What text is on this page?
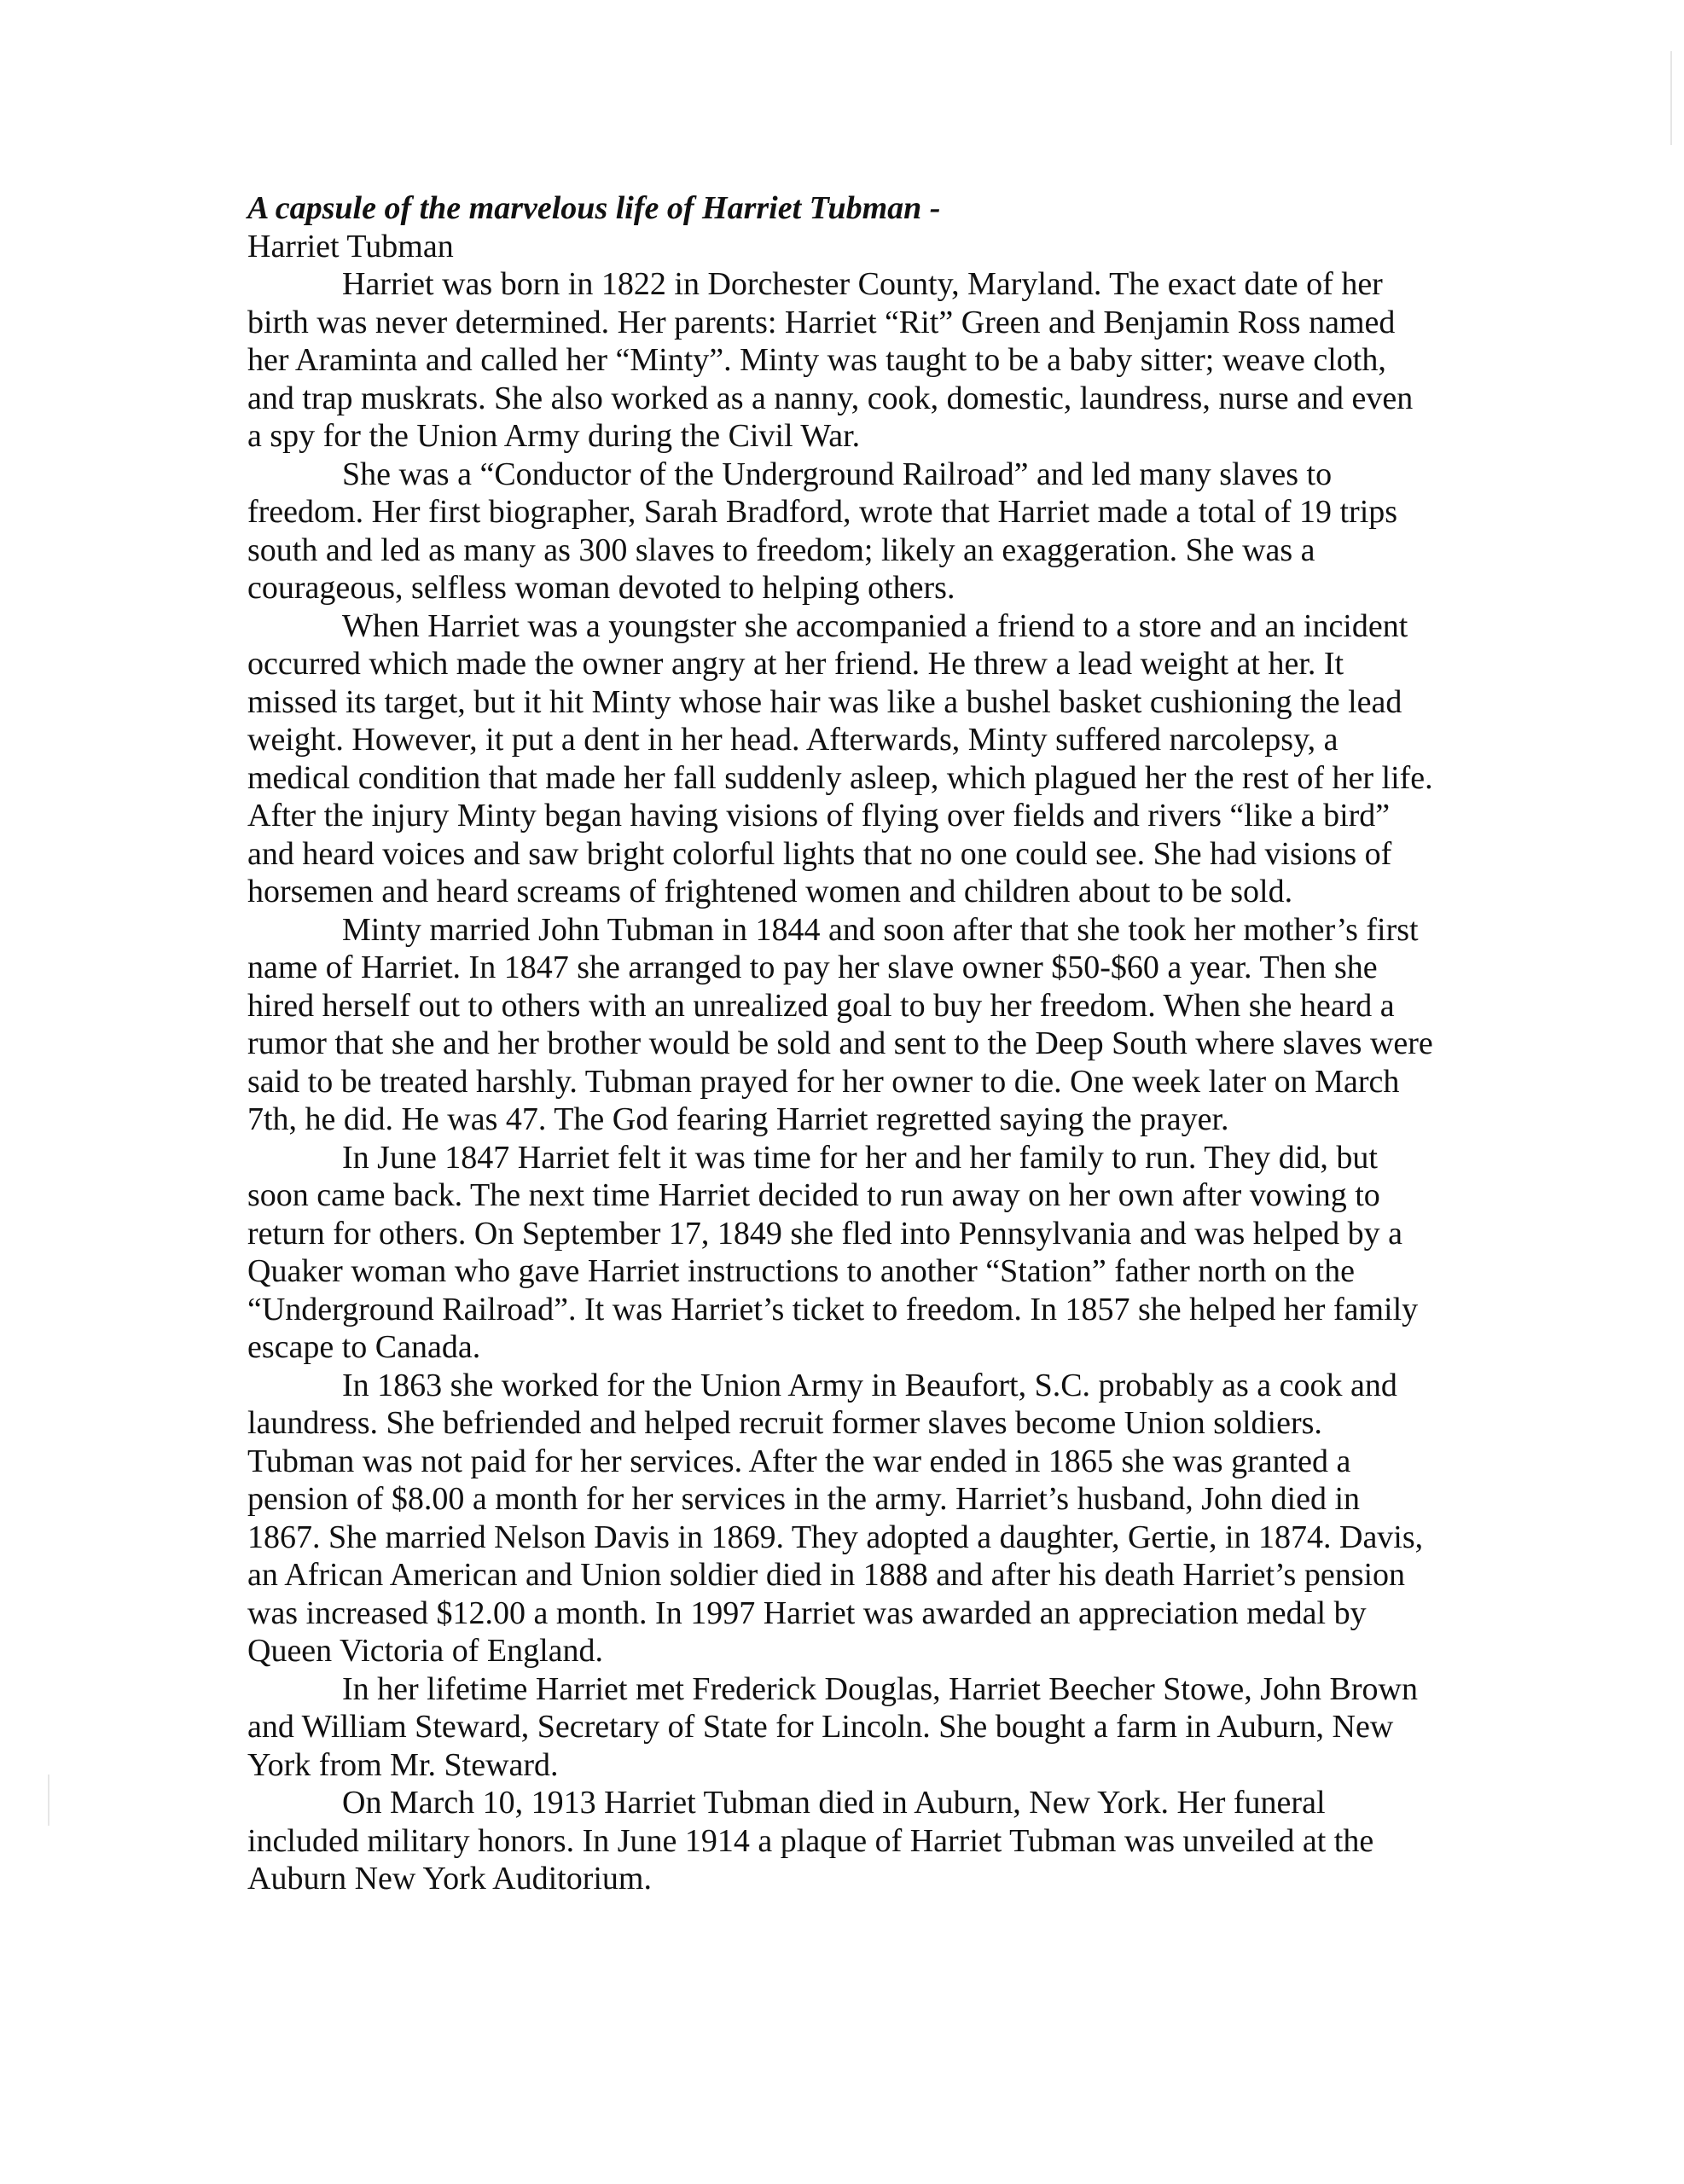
A capsule of the marvelous life of Harriet Tubman -

Harriet Tubman

Harriet was born in 1822 in Dorchester County, Maryland. The exact date of her birth was never determined. Her parents: Harriet “Rit” Green and Benjamin Ross named her Araminta and called her “Minty”. Minty was taught to be a baby sitter; weave cloth, and trap muskrats. She also worked as a nanny, cook, domestic, laundress, nurse and even a spy for the Union Army during the Civil War.

She was a “Conductor of the Underground Railroad” and led many slaves to freedom. Her first biographer, Sarah Bradford, wrote that Harriet made a total of 19 trips south and led as many as 300 slaves to freedom; likely an exaggeration. She was a courageous, selfless woman devoted to helping others.

When Harriet was a youngster she accompanied a friend to a store and an incident occurred which made the owner angry at her friend. He threw a lead weight at her. It missed its target, but it hit Minty whose hair was like a bushel basket cushioning the lead weight. However, it put a dent in her head. Afterwards, Minty suffered narcolepsy, a medical condition that made her fall suddenly asleep, which plagued her the rest of her life. After the injury Minty began having visions of flying over fields and rivers “like a bird” and heard voices and saw bright colorful lights that no one could see. She had visions of horsemen and heard screams of frightened women and children about to be sold.

Minty married John Tubman in 1844 and soon after that she took her mother’s first name of Harriet. In 1847 she arranged to pay her slave owner $50-$60 a year. Then she hired herself out to others with an unrealized goal to buy her freedom. When she heard a rumor that she and her brother would be sold and sent to the Deep South where slaves were said to be treated harshly. Tubman prayed for her owner to die. One week later on March 7th, he did. He was 47. The God fearing Harriet regretted saying the prayer.

In June 1847 Harriet felt it was time for her and her family to run. They did, but soon came back. The next time Harriet decided to run away on her own after vowing to return for others. On September 17, 1849 she fled into Pennsylvania and was helped by a Quaker woman who gave Harriet instructions to another “Station” father north on the “Underground Railroad”. It was Harriet’s ticket to freedom. In 1857 she helped her family escape to Canada.

In 1863 she worked for the Union Army in Beaufort, S.C. probably as a cook and laundress. She befriended and helped recruit former slaves become Union soldiers. Tubman was not paid for her services. After the war ended in 1865 she was granted a pension of $8.00 a month for her services in the army. Harriet’s husband, John died in 1867. She married Nelson Davis in 1869. They adopted a daughter, Gertie, in 1874. Davis, an African American and Union soldier died in 1888 and after his death Harriet’s pension was increased $12.00 a month. In 1997 Harriet was awarded an appreciation medal by Queen Victoria of England.

In her lifetime Harriet met Frederick Douglas, Harriet Beecher Stowe, John Brown and William Steward, Secretary of State for Lincoln. She bought a farm in Auburn, New York from Mr. Steward.

On March 10, 1913 Harriet Tubman died in Auburn, New York. Her funeral included military honors. In June 1914 a plaque of Harriet Tubman was unveiled at the Auburn New York Auditorium.
